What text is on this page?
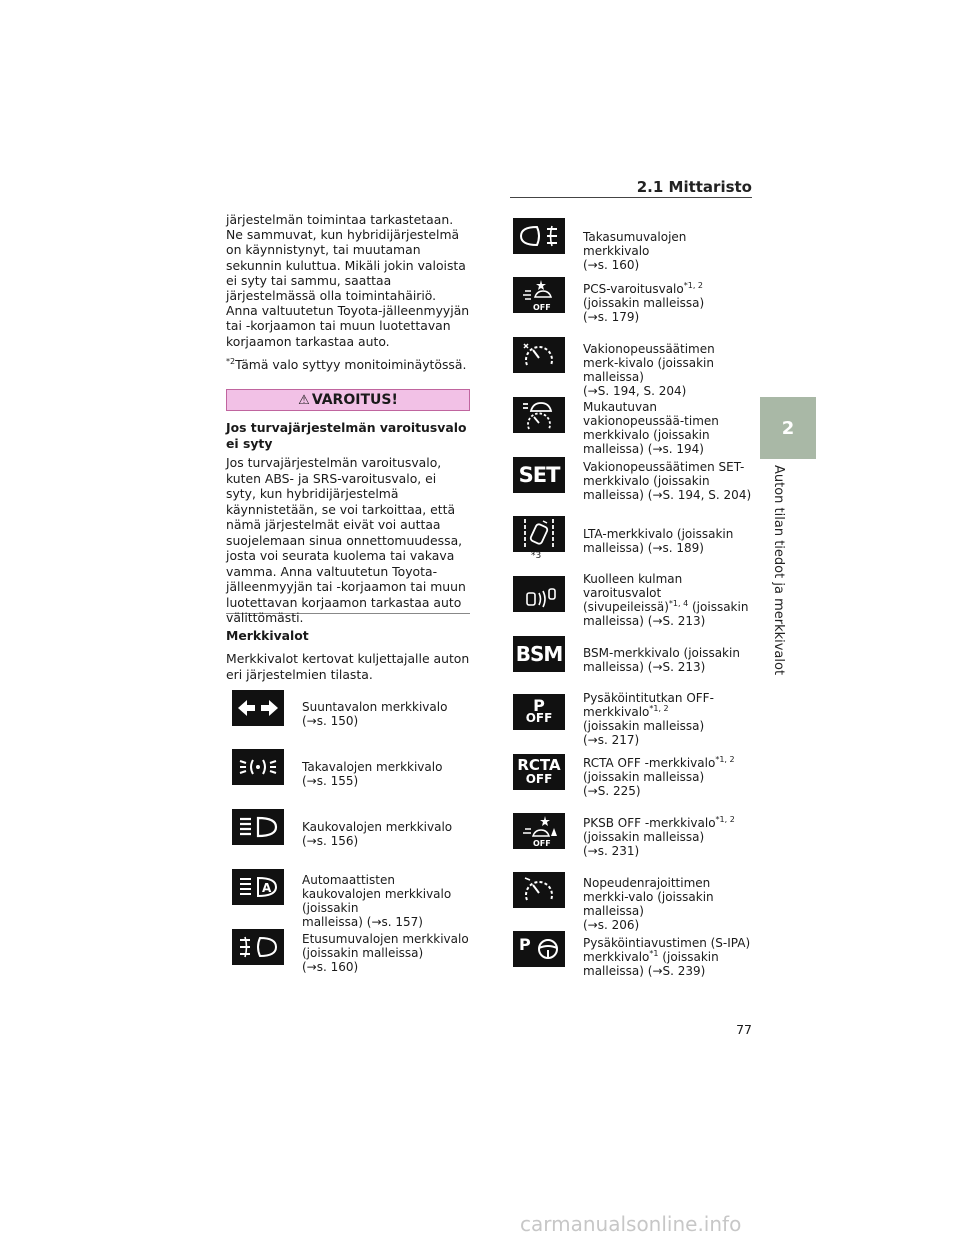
2.1 Mittaristo
2
Auton tilan tiedot ja merkkivalot

järjestelmän toimintaa tarkastetaan. Ne sammuvat, kun hybridijärjestelmä on käynnistynyt, tai muutaman sekunnin kuluttua. Mikäli jokin valoista ei syty tai sammu, saattaa järjestelmässä olla toimintahäiriö. Anna valtuutetun Toyota-jälleenmyyjän tai -korjaamon tai muun luotettavan korjaamon tarkastaa auto.

$^{*2}$Tämä valo syttyy monitoiminäytössä.

⚠ VAROITUS!
Jos turvajärjestelmän varoitusvalo ei syty
Jos turvajärjestelmän varoitusvalo, kuten ABS- ja SRS-varoitusvalo, ei syty, kun hybridijärjestelmä käynnistetään, se voi tarkoittaa, että nämä järjestelmät eivät voi auttaa suojelemaan sinua onnettomuudessa, josta voi seurata kuolema tai vakava vamma. Anna valtuutetun Toyota-jälleenmyyjän tai -korjaamon tai muun luotettavan korjaamon tarkastaa auto välittömästi.
Merkkivalot
Merkkivalot kertovat kuljettajalle auton eri järjestelmien tilasta.
Suuntavalon merkkivalo
(→s. 150)
Takavalojen merkkivalo
(→s. 155)
Kaukovalojen merkkivalo
(→s. 156)
A
Automaattisten kaukovalojen merkkivalo (joissakin
malleissa) (→s. 157)
Etusumuvalojen merkkivalo (joissakin malleissa)
(→s. 160)
Takasumuvalojen merkkivalo
(→s. 160)
OFF
PCS-varoitusvalo$^{*1, 2}$
(joissakin malleissa)
(→s. 179)
Vakionopeussäätimen merk-kivalo (joissakin malleissa)
(→S. 194, S. 204)
Mukautuvan vakionopeussää-timen merkkivalo (joissakin
malleissa) (→s. 194)
SET Vakionopeussäätimen SET-merkkivalo (joissakin
malleissa) (→S. 194, S. 204)
*3
LTA-merkkivalo (joissakin
malleissa) (→s. 189)
Kuolleen kulman varoitusvalot (sivupeileissä)$^{*1, 4}$ (joissakin
malleissa) (→S. 213)
BSM BSM-merkkivalo (joissakin
malleissa) (→S. 213)
P
OFF
Pysäköintitutkan OFF-merkkivalo$^{*1, 2}$
(joissakin malleissa)
(→s. 217)
RCTA
OFF
RCTA OFF -merkkivalo$^{*1, 2}$
(joissakin malleissa)
(→S. 225)
OFF
PKSB OFF -merkkivalo$^{*1, 2}$
(joissakin malleissa)
(→s. 231)
Nopeudenrajoittimen merkki-valo (joissakin malleissa)
(→s. 206)
P	Pysäköintiavustimen (S-IPA) merkkivalo$^{*1}$ (joissakin
malleissa) (→S. 239)
77
carmanualsonline.info
